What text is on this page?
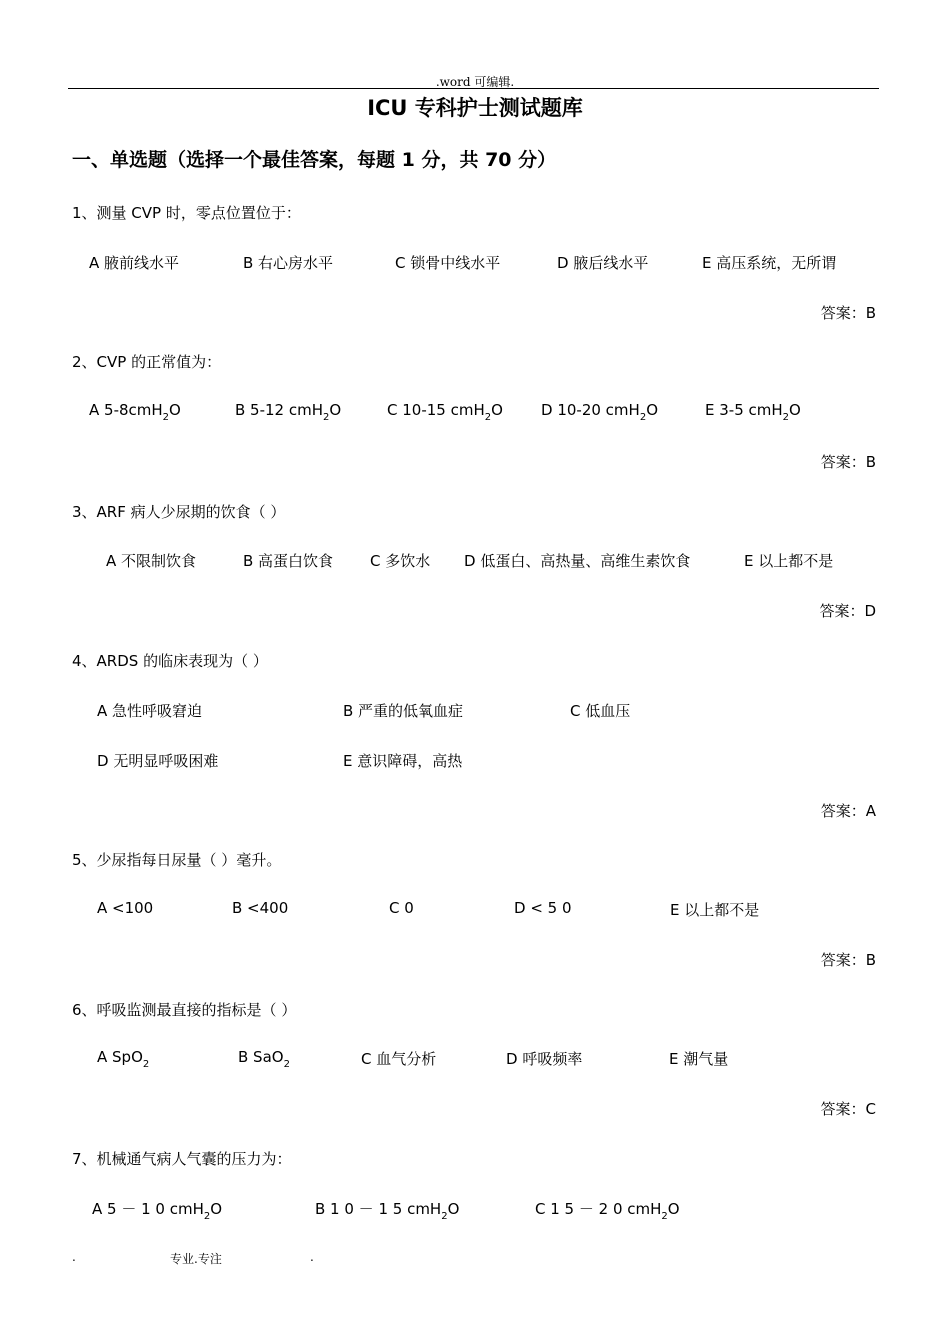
.word 可编辑.
ICU 专科护士测试题库
一、单选题（选择一个最佳答案，每题 1 分，共 70 分）
1、测量 CVP 时，零点位置位于：
A 腋前线水平	B 右心房水平	C 锁骨中线水平	D 腋后线水平	E 高压系统，无所谓
答案：B
2、CVP 的正常值为：
A 5-8cmH$_2$O	B 5-12 cmH$_2$O	C 10-15 cmH$_2$O	D 10-20 cmH$_2$O	E 3-5 cmH$_2$O
答案：B
3、ARF 病人少尿期的饮食（ ）
A 不限制饮食	B 高蛋白饮食 C 多饮水 D 低蛋白、高热量、高维生素饮食	E 以上都不是
答案：D
4、ARDS 的临床表现为（ ）
A 急性呼吸窘迫	B 严重的低氧血症	C 低血压
D 无明显呼吸困难	E 意识障碍，高热
答案：A
5、少尿指每日尿量（ ）毫升。
A <100	B <400	C 0	D < 5 0	E 以上都不是
答案：B
6、呼吸监测最直接的指标是（ ）
A SpO$_2$	B SaO$_2$	C 血气分析	D 呼吸频率	E 潮气量
答案：C
7、机械通气病人气囊的压力为：
A 5 － 1 0 cmH$_2$O	B 1 0 － 1 5 cmH$_2$O	C 1 5 － 2 0 cmH$_2$O
.	专业.专注	.
